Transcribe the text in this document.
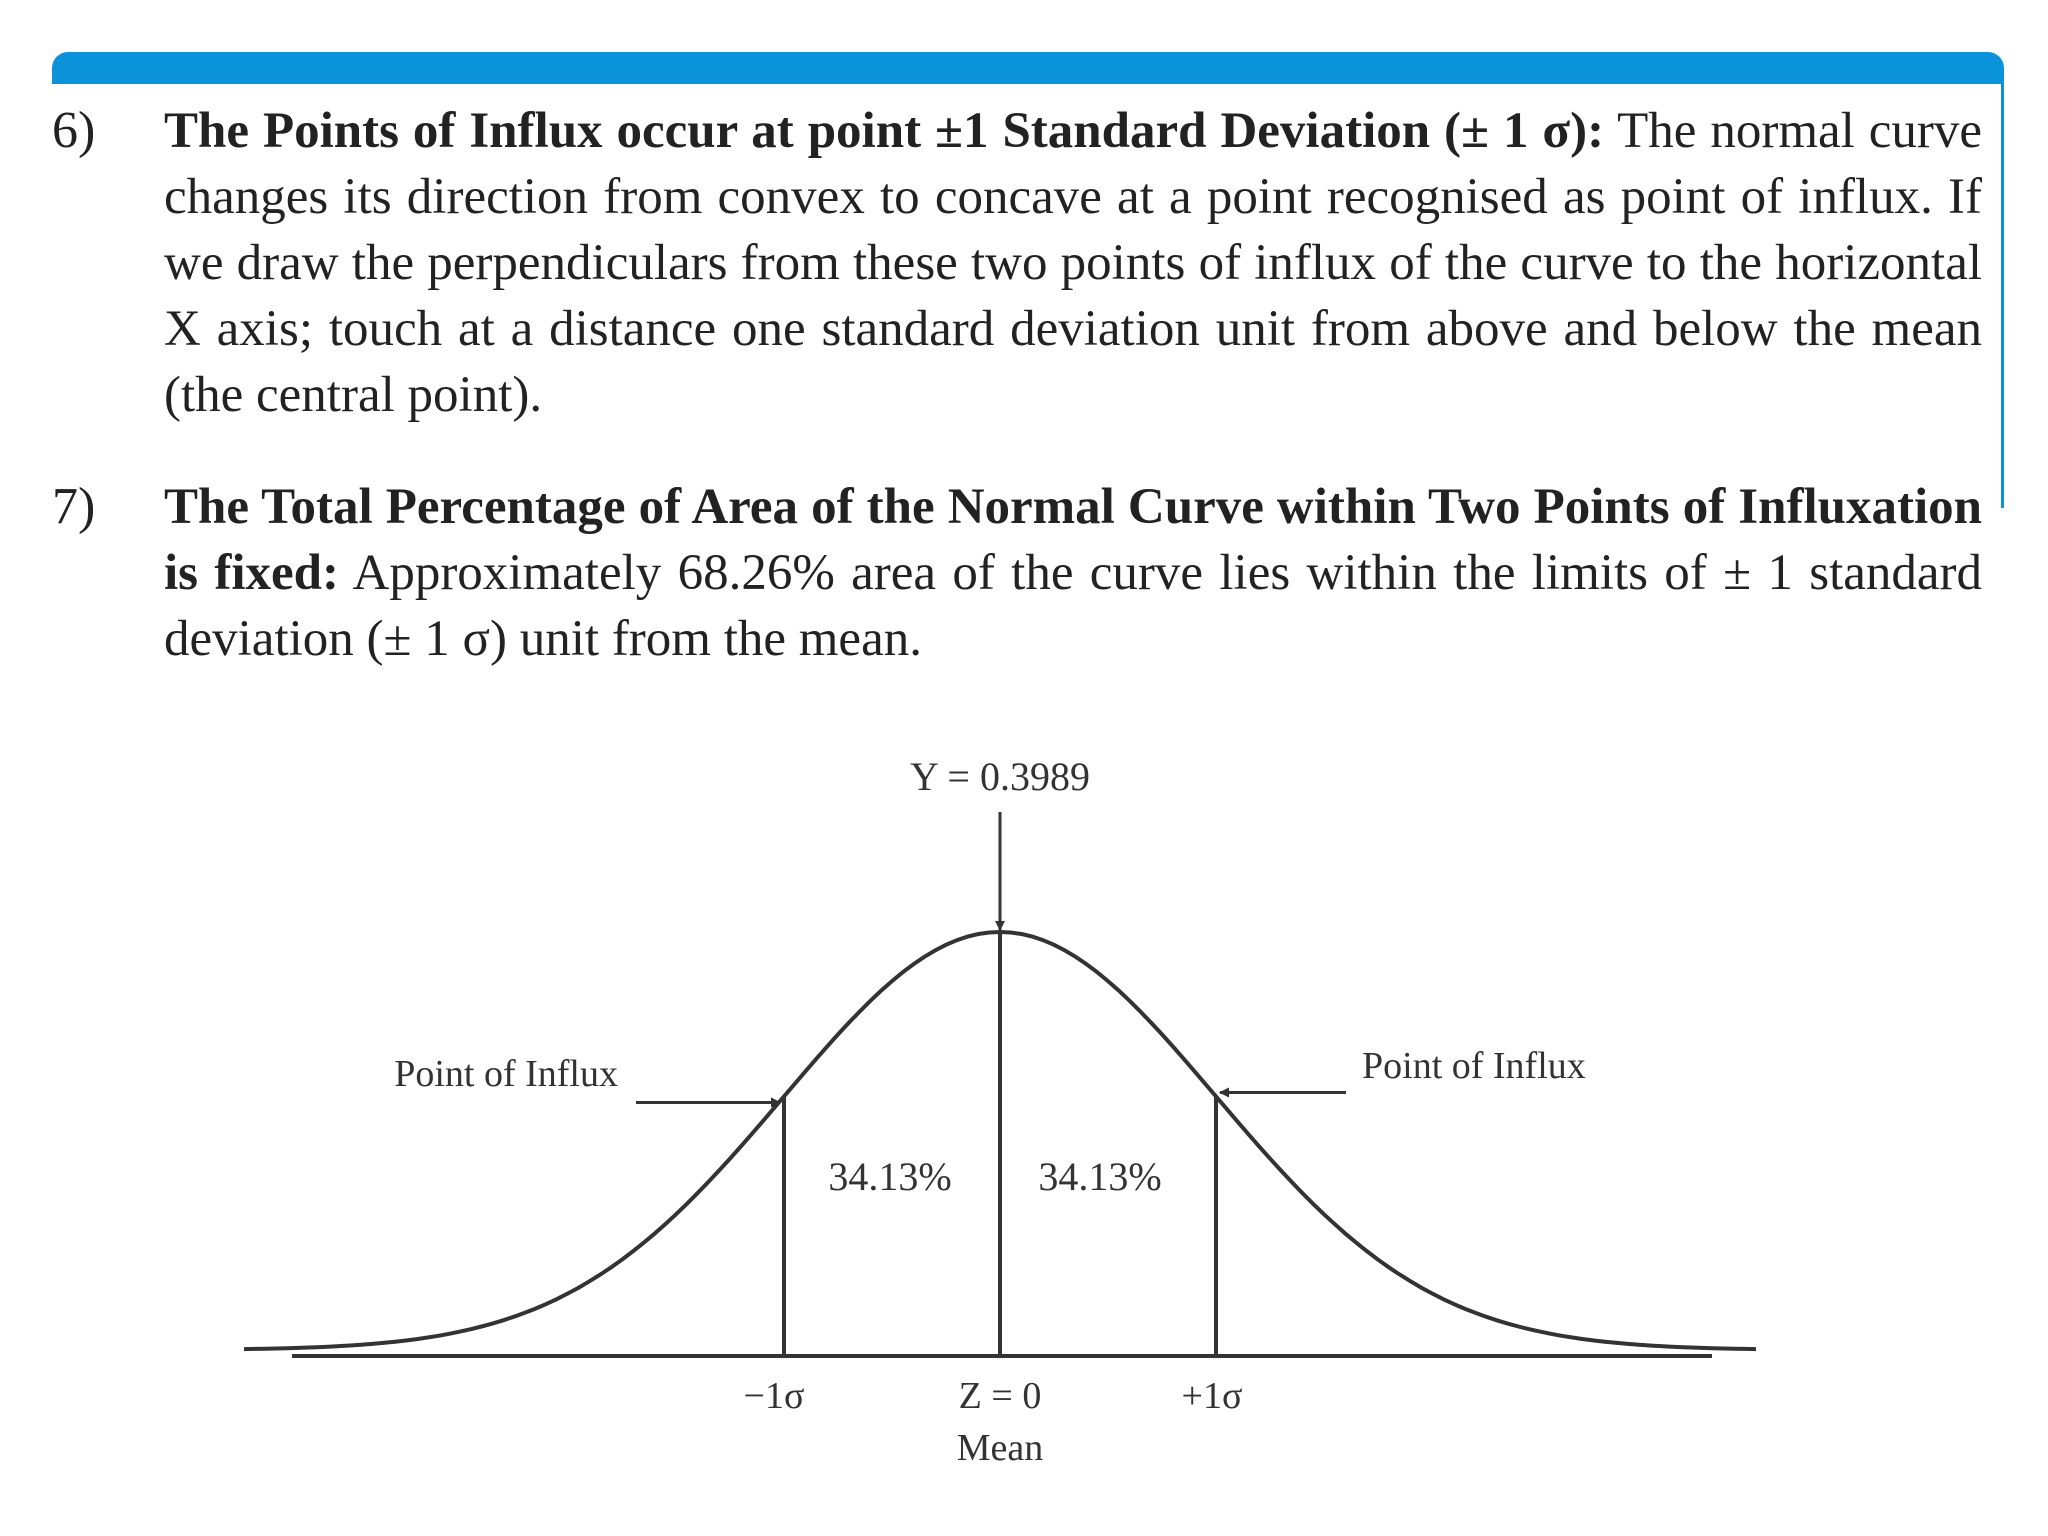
6) The Points of Influx occur at point ±1 Standard Deviation (± 1 σ): The normal curve changes its direction from convex to concave at a point recognised as point of influx. If we draw the perpendiculars from these two points of influx of the curve to the horizontal X axis; touch at a distance one standard deviation unit from above and below the mean (the central point).
7) The Total Percentage of Area of the Normal Curve within Two Points of Influxation is fixed: Approximately 68.26% area of the curve lies within the limits of ± 1 standard deviation (± 1 σ) unit from the mean.
Y = 0.3989
Point of Influx	Point of Influx
34.13% 34.13%
−1σ	Z = 0
Mean
+1σ
